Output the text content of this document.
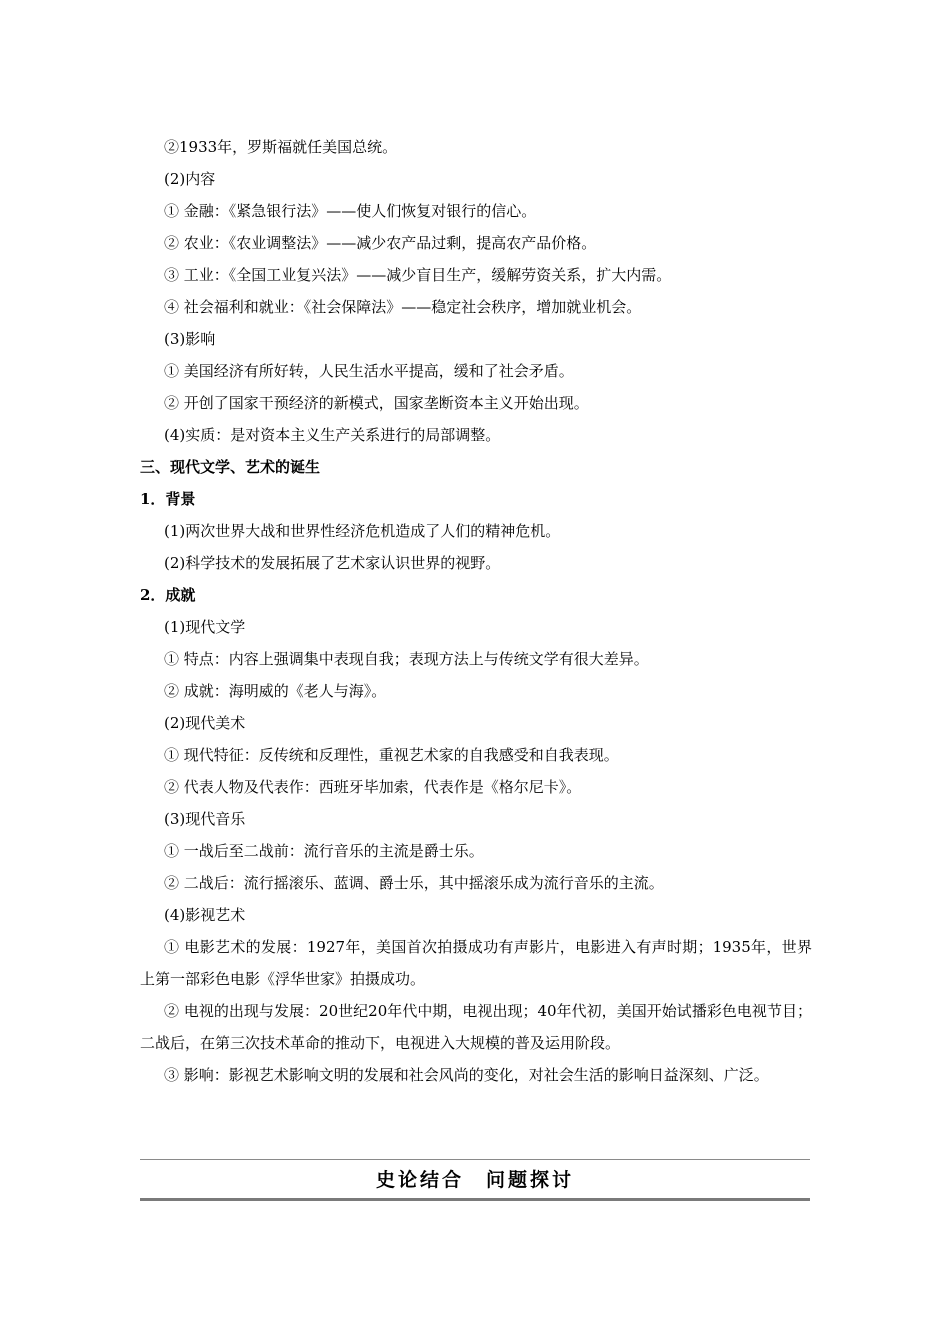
②1933年，罗斯福就任美国总统。
(2)内容
① 金融：《紧急银行法》——使人们恢复对银行的信心。
② 农业：《农业调整法》——减少农产品过剩，提高农产品价格。
③ 工业：《全国工业复兴法》——减少盲目生产，缓解劳资关系，扩大内需。
④ 社会福利和就业：《社会保障法》——稳定社会秩序，增加就业机会。
(3)影响
① 美国经济有所好转，人民生活水平提高，缓和了社会矛盾。
② 开创了国家干预经济的新模式，国家垄断资本主义开始出现。
(4)实质：是对资本主义生产关系进行的局部调整。
三、现代文学、艺术的诞生
1．背景
(1)两次世界大战和世界性经济危机造成了人们的精神危机。
(2)科学技术的发展拓展了艺术家认识世界的视野。
2．成就
(1)现代文学
① 特点：内容上强调集中表现自我；表现方法上与传统文学有很大差异。
② 成就：海明威的《老人与海》。
(2)现代美术
① 现代特征：反传统和反理性，重视艺术家的自我感受和自我表现。
② 代表人物及代表作：西班牙毕加索，代表作是《格尔尼卡》。
(3)现代音乐
① 一战后至二战前：流行音乐的主流是爵士乐。
② 二战后：流行摇滚乐、蓝调、爵士乐，其中摇滚乐成为流行音乐的主流。
(4)影视艺术
① 电影艺术的发展：1927年，美国首次拍摄成功有声影片，电影进入有声时期；1935年，世界上第一部彩色电影《浮华世家》拍摄成功。
② 电视的出现与发展：20世纪20年代中期，电视出现；40年代初，美国开始试播彩色电视节目；二战后，在第三次技术革命的推动下，电视进入大规模的普及运用阶段。
③ 影响：影视艺术影响文明的发展和社会风尚的变化，对社会生活的影响日益深刻、广泛。
史论结合　问题探讨
